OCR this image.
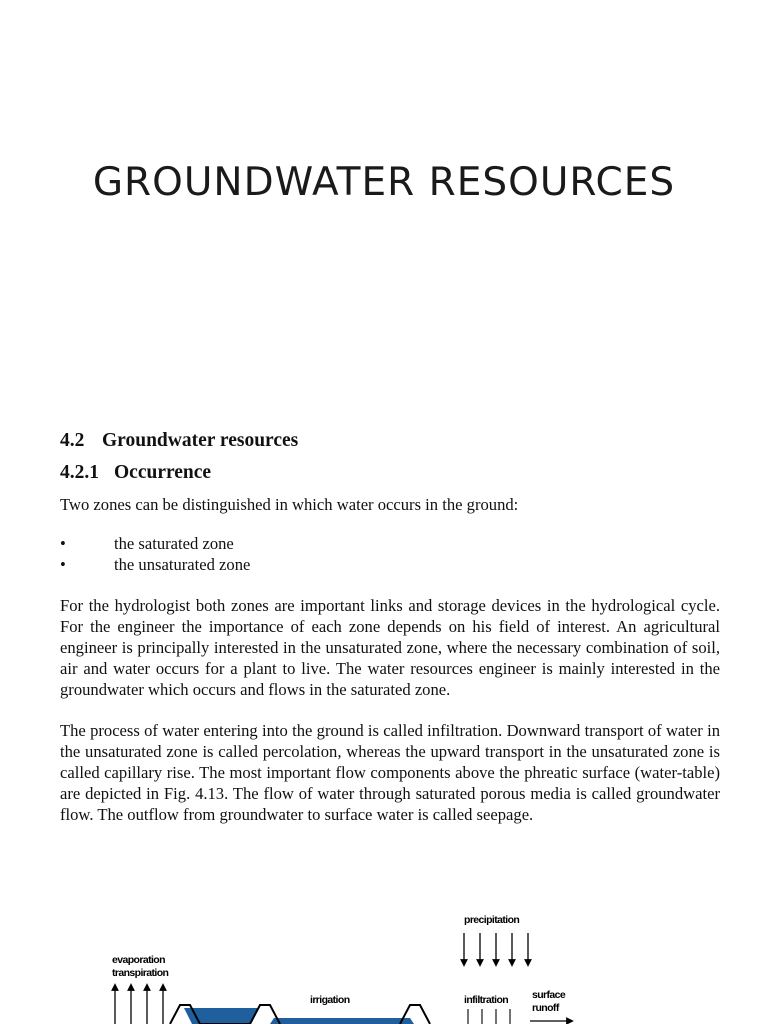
GROUNDWATER RESOURCES
4.2 Groundwater resources
4.2.1 Occurrence

Two zones can be distinguished in which water occurs in the ground:

•	the saturated zone
•	the unsaturated zone

For the hydrologist both zones are important links and storage devices in the hydrological cycle. For the engineer the importance of each zone depends on his field of interest. An agricultural engineer is principally interested in the unsaturated zone, where the necessary combination of soil, air and water occurs for a plant to live. The water resources engineer is mainly interested in the groundwater which occurs and flows in the saturated zone.

The process of water entering into the ground is called infiltration. Downward transport of water in the unsaturated zone is called percolation, whereas the upward transport in the unsaturated zone is called capillary rise. The most important flow components above the phreatic surface (water-table) are depicted in Fig. 4.13. The flow of water through saturated porous media is called groundwater flow. The outflow from groundwater to surface water is called seepage.

precipitation
evaporation
transpiration
irrigation	infiltration surface
runoff
